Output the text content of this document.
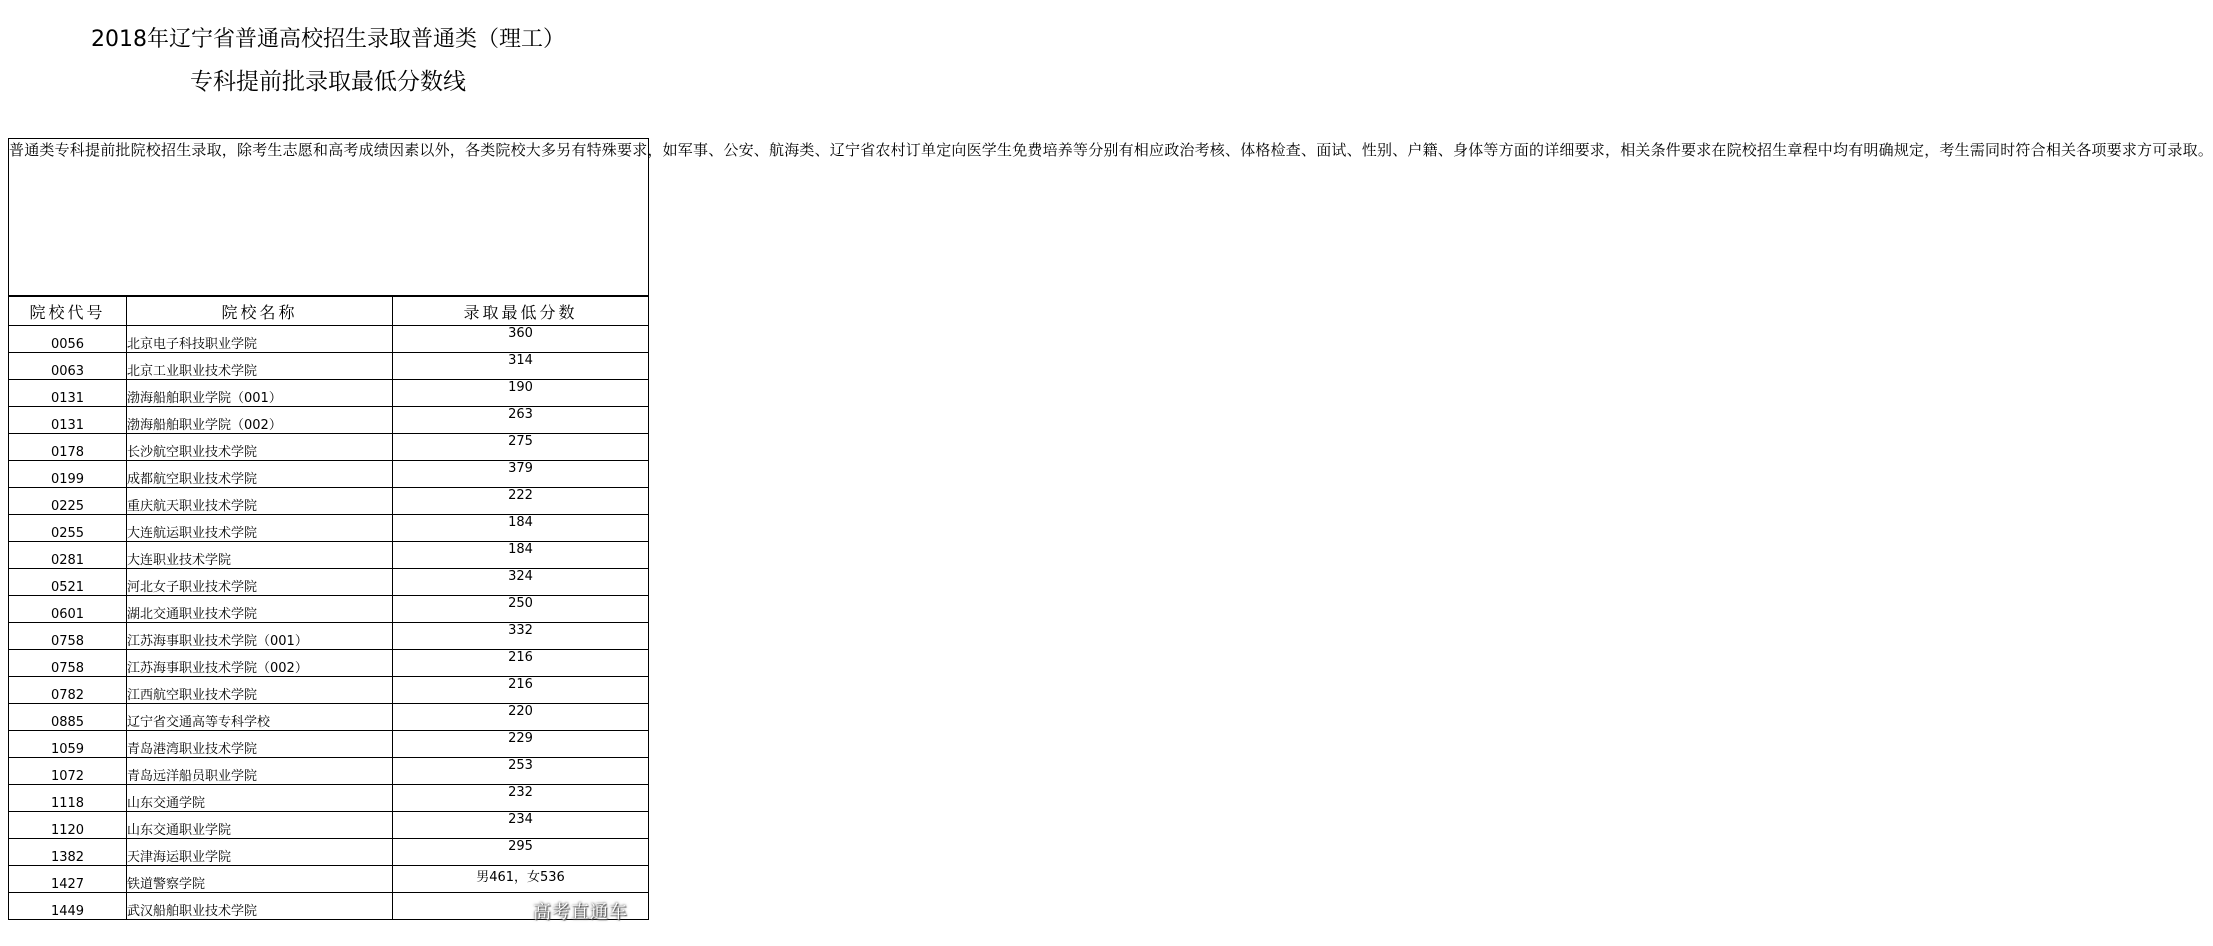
2018年辽宁省普通高校招生录取普通类（理工）
专科提前批录取最低分数线
普通类专科提前批院校招生录取，除考生志愿和高考成绩因素以外，各类院校大多另有特殊要求，如军事、公安、航海类、辽宁省农村订单定向医学生免费培养等分别有相应政治考核、体格检查、面试、性别、户籍、身体等方面的详细要求，相关条件要求在院校招生章程中均有明确规定，考生需同时符合相关各项要求方可录取。		
院校代号	院校名称	录取最低分数
0056	北京电子科技职业学院	360
0063	北京工业职业技术学院	314
0131	渤海船舶职业学院（001）	190
0131	渤海船舶职业学院（002）	263
0178	长沙航空职业技术学院	275
0199	成都航空职业技术学院	379
0225	重庆航天职业技术学院	222
0255	大连航运职业技术学院	184
0281	大连职业技术学院	184
0521	河北女子职业技术学院	324
0601	湖北交通职业技术学院	250
0758	江苏海事职业技术学院（001）	332
0758	江苏海事职业技术学院（002）	216
0782	江西航空职业技术学院	216
0885	辽宁省交通高等专科学校	220
1059	青岛港湾职业技术学院	229
1072	青岛远洋船员职业学院	253
1118	山东交通学院	232
1120	山东交通职业学院	234
1382	天津海运职业学院	295
1427	铁道警察学院	男461，女536
1449	武汉船舶职业技术学院		高考直通车
